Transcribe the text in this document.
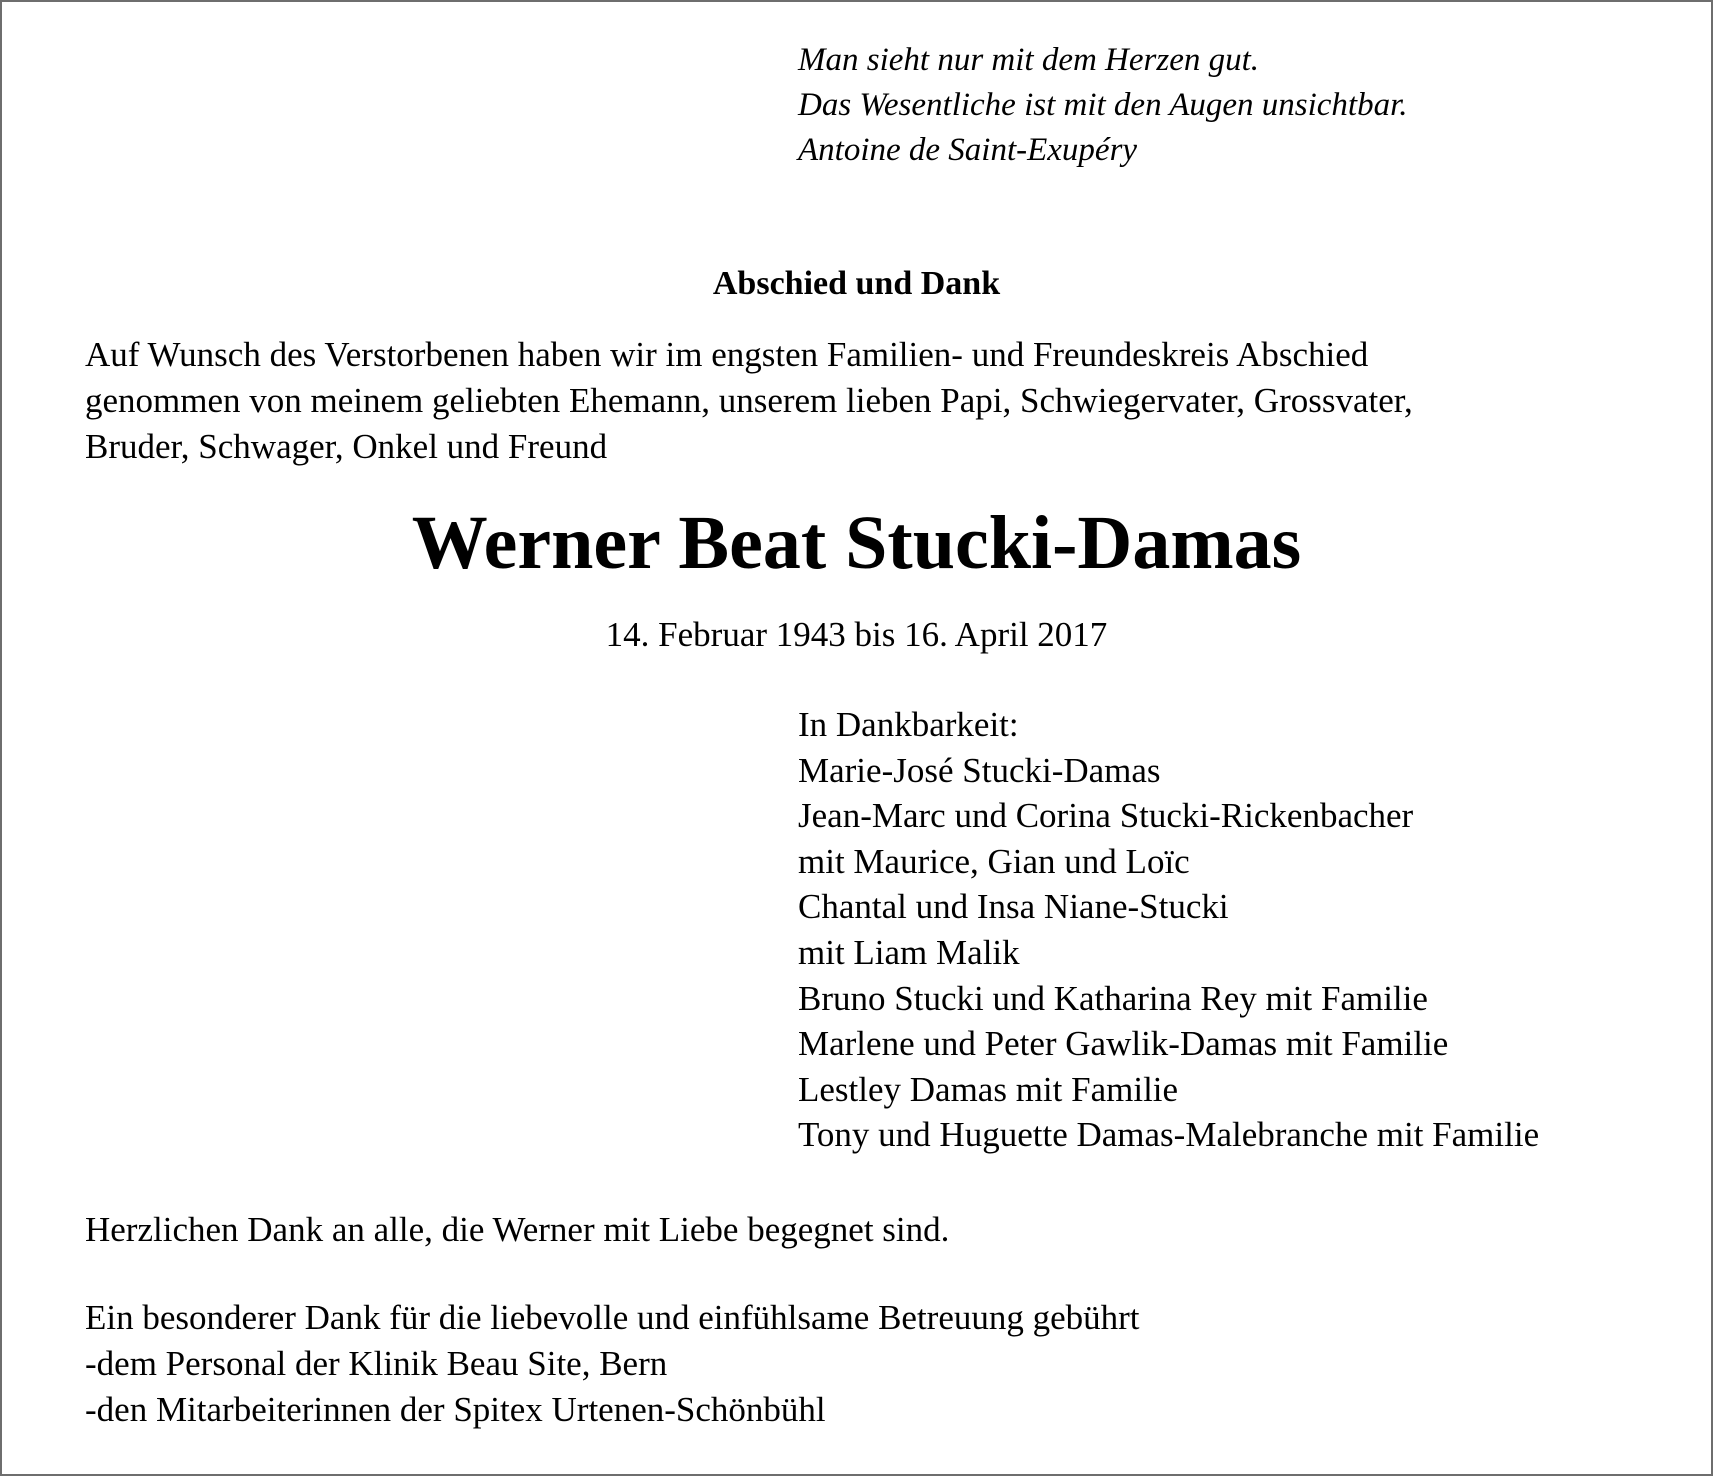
Man sieht nur mit dem Herzen gut.
Das Wesentliche ist mit den Augen unsichtbar.
Antoine de Saint-Exupéry
Abschied und Dank
Auf Wunsch des Verstorbenen haben wir im engsten Familien- und Freundeskreis Abschied
genommen von meinem geliebten Ehemann, unserem lieben Papi, Schwiegervater, Grossvater,
Bruder, Schwager, Onkel und Freund
Werner Beat Stucki-Damas
14. Februar 1943 bis 16. April 2017
In Dankbarkeit:
Marie-José Stucki-Damas
Jean-Marc und Corina Stucki-Rickenbacher
mit Maurice, Gian und Loïc
Chantal und Insa Niane-Stucki
mit Liam Malik
Bruno Stucki und Katharina Rey mit Familie
Marlene und Peter Gawlik-Damas mit Familie
Lestley Damas mit Familie
Tony und Huguette Damas-Malebranche mit Familie
Herzlichen Dank an alle, die Werner mit Liebe begegnet sind.
Ein besonderer Dank für die liebevolle und einfühlsame Betreuung gebührt
-dem Personal der Klinik Beau Site, Bern
-den Mitarbeiterinnen der Spitex Urtenen-Schönbühl
